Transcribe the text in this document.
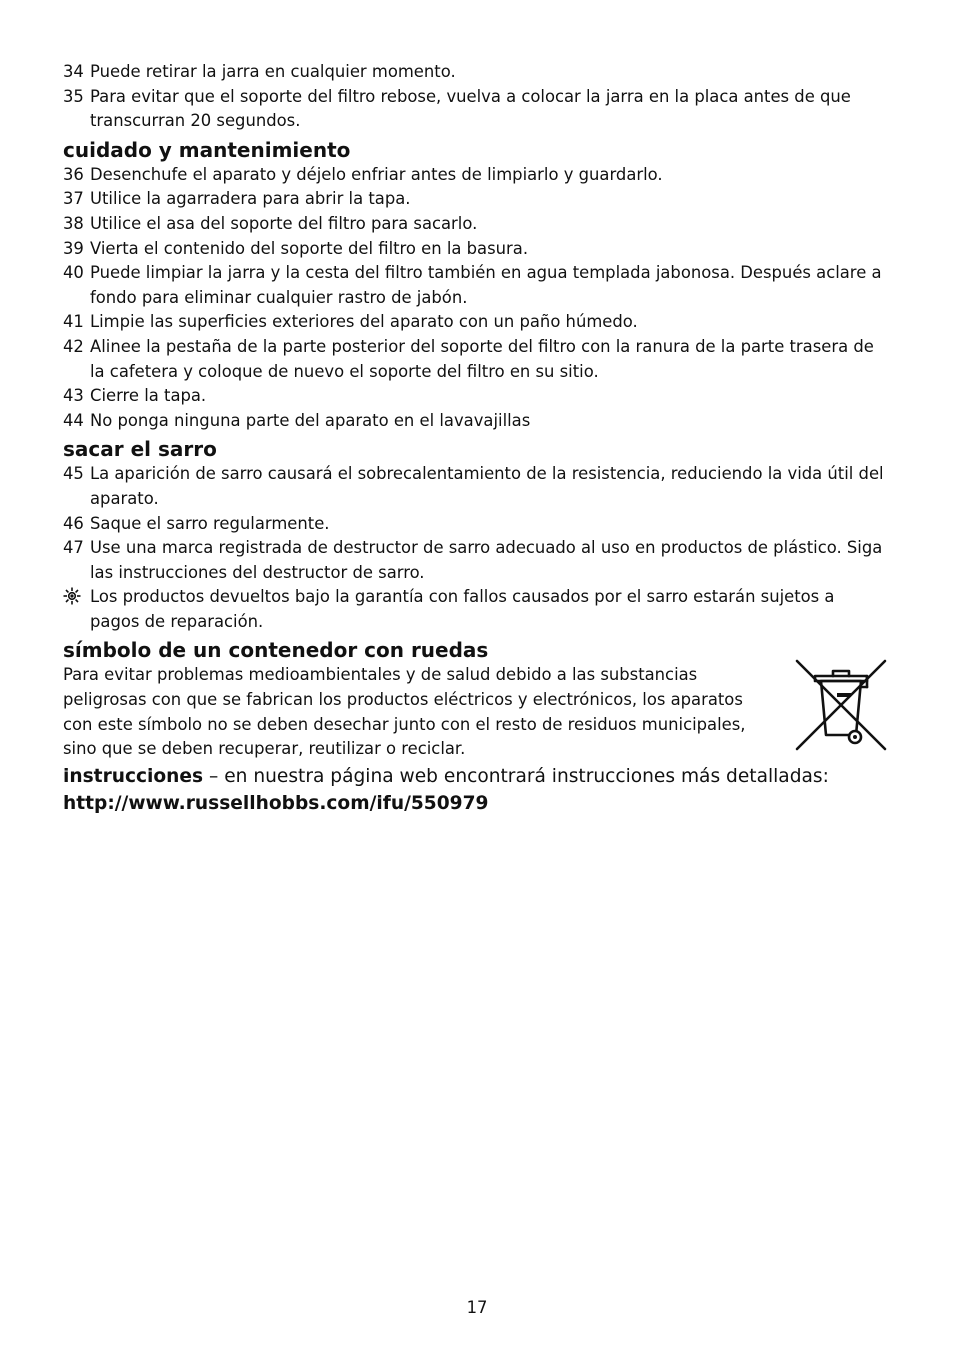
34 Puede retirar la jarra en cualquier momento.

35 Para evitar que el soporte del filtro rebose, vuelva a colocar la jarra en la placa antes de que transcurran 20 segundos.

cuidado y mantenimiento

36 Desenchufe el aparato y déjelo enfriar antes de limpiarlo y guardarlo.

37 Utilice la agarradera para abrir la tapa.

38 Utilice el asa del soporte del filtro para sacarlo.

39 Vierta el contenido del soporte del filtro en la basura.

40 Puede limpiar la jarra y la cesta del filtro también en agua templada jabonosa. Después aclare a fondo para eliminar cualquier rastro de jabón.

41 Limpie las superficies exteriores del aparato con un paño húmedo.

42 Alinee la pestaña de la parte posterior del soporte del filtro con la ranura de la parte trasera de la cafetera y coloque de nuevo el soporte del filtro en su sitio.

43 Cierre la tapa.

44 No ponga ninguna parte del aparato en el lavavajillas

sacar el sarro

45 La aparición de sarro causará el sobrecalentamiento de la resistencia, reduciendo la vida útil del aparato.

46 Saque el sarro regularmente.

47 Use una marca registrada de destructor de sarro adecuado al uso en productos de plástico. Siga las instrucciones del destructor de sarro.

Los productos devueltos bajo la garantía con fallos causados por el sarro estarán sujetos a pagos de reparación.

símbolo de un contenedor con ruedas

Para evitar problemas medioambientales y de salud debido a las substancias peligrosas con que se fabrican los productos eléctricos y electrónicos, los aparatos con este símbolo no se deben desechar junto con el resto de residuos municipales, sino que se deben recuperar, reutilizar o reciclar.

instrucciones – en nuestra página web encontrará instrucciones más detalladas:

http://www.russellhobbs.com/ifu/550979

17
